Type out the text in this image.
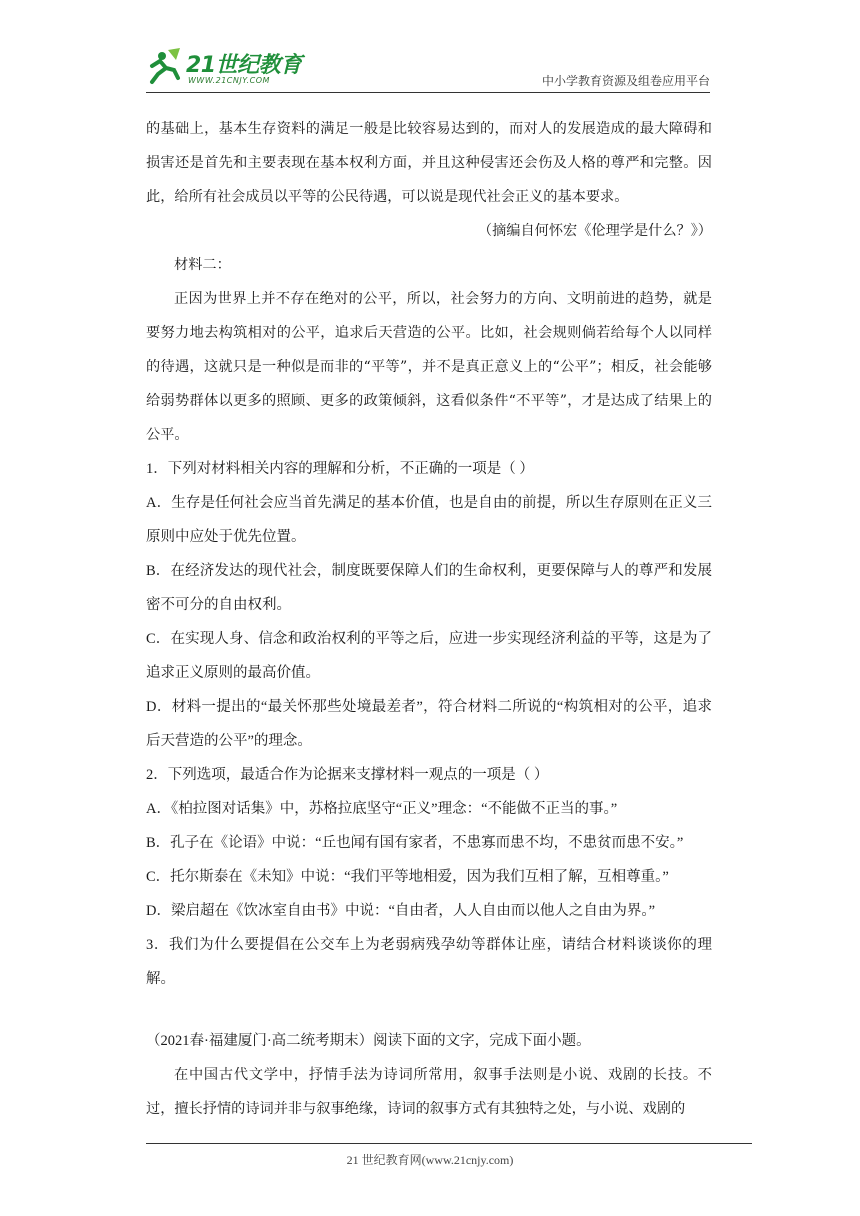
21世纪教育
WWW.21CNJY.COM	中小学教育资源及组卷应用平台

的基础上，基本生存资料的满足一般是比较容易达到的，而对人的发展造成的最大障碍和损害还是首先和主要表现在基本权利方面，并且这种侵害还会伤及人格的尊严和完整。因此，给所有社会成员以平等的公民待遇，可以说是现代社会正义的基本要求。

（摘编自何怀宏《伦理学是什么？》）

材料二：

正因为世界上并不存在绝对的公平，所以，社会努力的方向、文明前进的趋势，就是要努力地去构筑相对的公平，追求后天营造的公平。比如，社会规则倘若给每个人以同样的待遇，这就只是一种似是而非的“平等”，并不是真正意义上的“公平”；相反，社会能够给弱势群体以更多的照顾、更多的政策倾斜，这看似条件“不平等”，才是达成了结果上的公平。

1．下列对材料相关内容的理解和分析，不正确的一项是（ ）

A．生存是任何社会应当首先满足的基本价值，也是自由的前提，所以生存原则在正义三原则中应处于优先位置。

B．在经济发达的现代社会，制度既要保障人们的生命权利，更要保障与人的尊严和发展密不可分的自由权利。

C．在实现人身、信念和政治权利的平等之后，应进一步实现经济利益的平等，这是为了追求正义原则的最高价值。

D．材料一提出的“最关怀那些处境最差者”，符合材料二所说的“构筑相对的公平，追求后天营造的公平”的理念。

2．下列选项，最适合作为论据来支撑材料一观点的一项是（ ）

A．《柏拉图对话集》中，苏格拉底坚守“正义”理念：“不能做不正当的事。”

B．孔子在《论语》中说：“丘也闻有国有家者，不患寡而患不均，不患贫而患不安。”

C．托尔斯泰在《未知》中说：“我们平等地相爱，因为我们互相了解，互相尊重。”

D．梁启超在《饮冰室自由书》中说：“自由者，人人自由而以他人之自由为界。”

3．我们为什么要提倡在公交车上为老弱病残孕幼等群体让座，请结合材料谈谈你的理解。

（2021春·福建厦门·高二统考期末）阅读下面的文字，完成下面小题。

在中国古代文学中，抒情手法为诗词所常用，叙事手法则是小说、戏剧的长技。不过，擅长抒情的诗词并非与叙事绝缘，诗词的叙事方式有其独特之处，与小说、戏剧的

21 世纪教育网(www.21cnjy.com)
